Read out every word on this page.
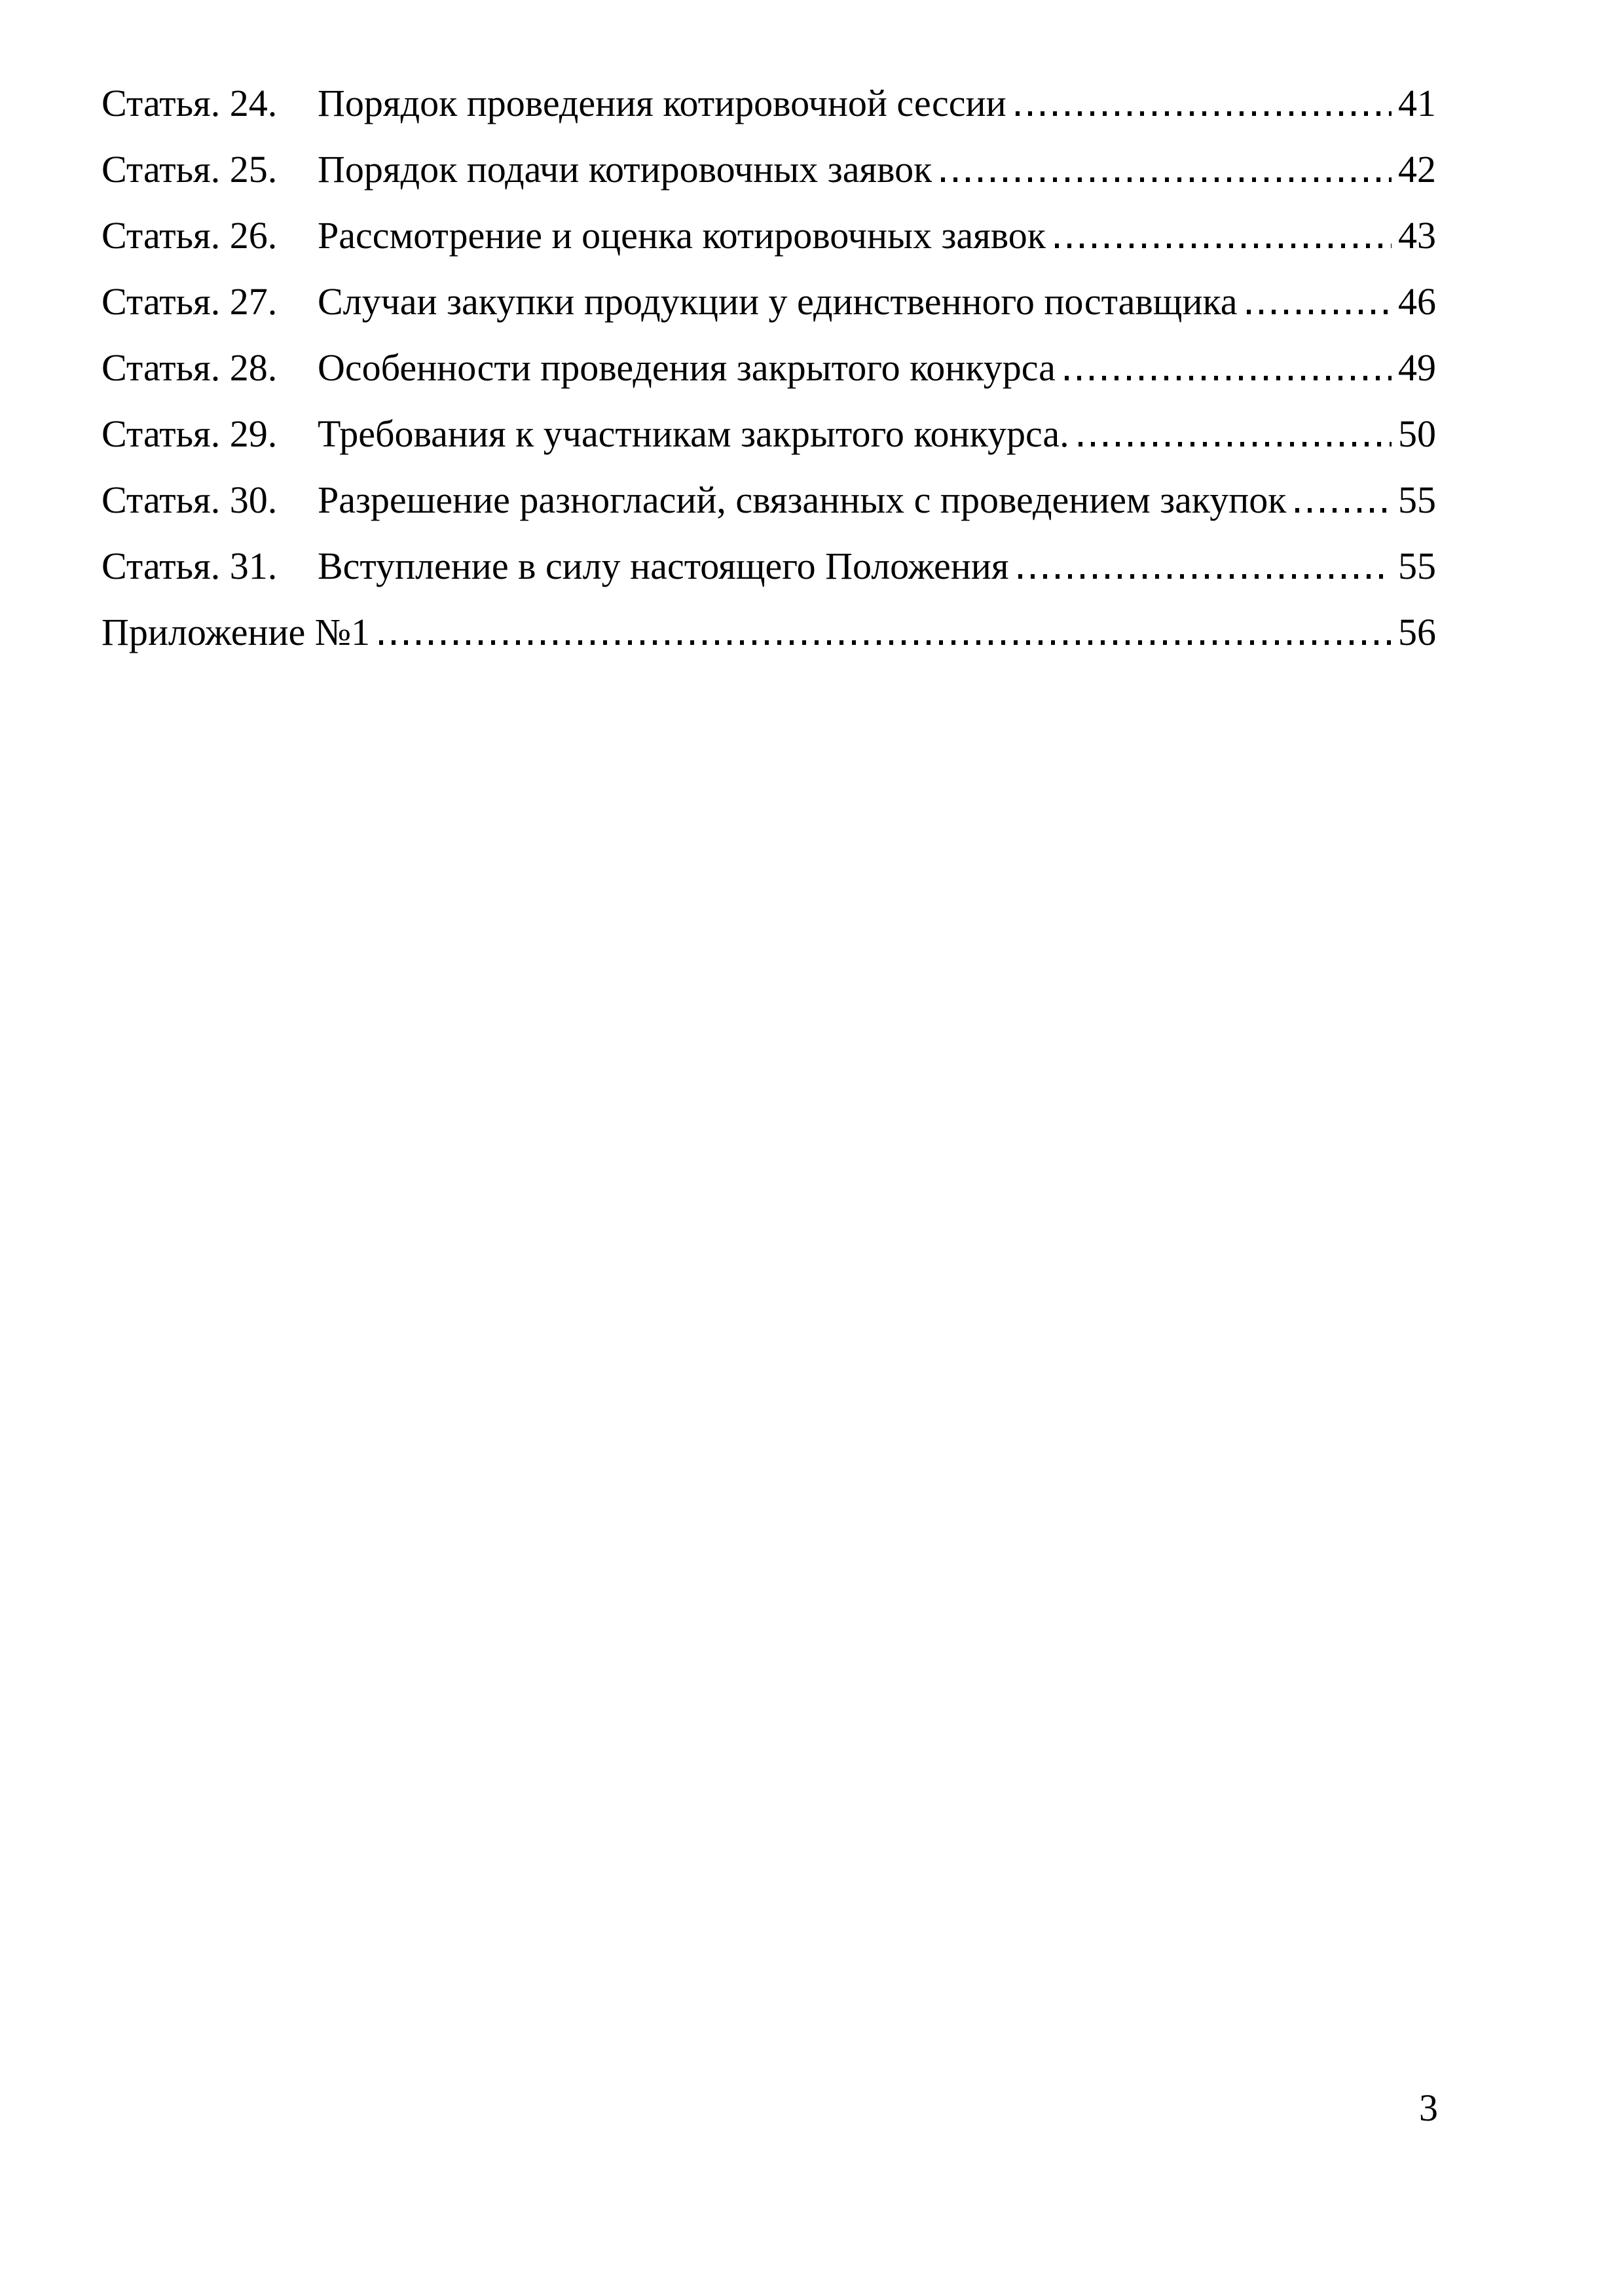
Статья. 24.	Порядок проведения котировочной сессии	41
Статья. 25.	Порядок подачи котировочных заявок	42
Статья. 26.	Рассмотрение и оценка котировочных заявок	43
Статья. 27.	Случаи закупки продукции у единственного поставщика	46
Статья. 28.	Особенности проведения закрытого конкурса	49
Статья. 29.	Требования к участникам закрытого конкурса.	50
Статья. 30.	Разрешение разногласий, связанных с проведением закупок	55
Статья. 31.	Вступление в силу настоящего Положения	55
Приложение №1	56
3
